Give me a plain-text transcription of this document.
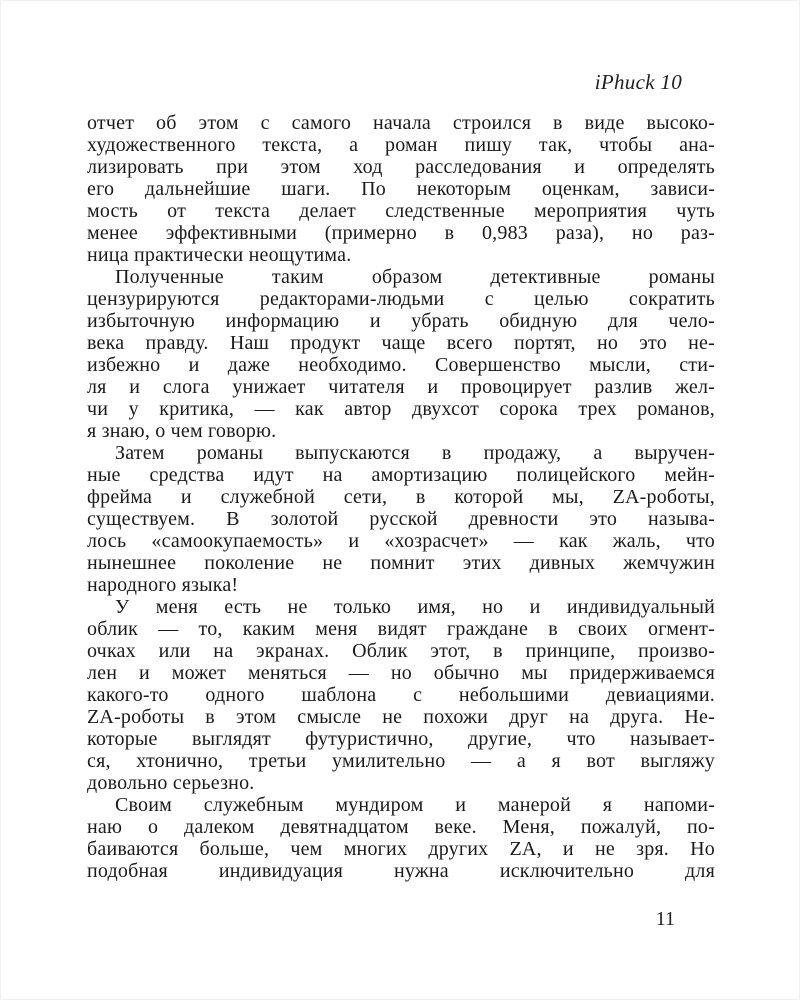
iPhuck 10
отчет об этом с самого начала строился в виде высоко-
художественного текста, а роман пишу так, чтобы ана-
лизировать при этом ход расследования и определять
его дальнейшие шаги. По некоторым оценкам, зависи-
мость от текста делает следственные мероприятия чуть
менее эффективными (примерно в 0,983 раза), но раз-
ница практически неощутима.
Полученные таким образом детективные романы
цензурируются редакторами-людьми с целью сократить
избыточную информацию и убрать обидную для чело-
века правду. Наш продукт чаще всего портят, но это не-
избежно и даже необходимо. Совершенство мысли, сти-
ля и слога унижает читателя и провоцирует разлив жел-
чи у критика, — как автор двухсот сорока трех романов,
я знаю, о чем говорю.
Затем романы выпускаются в продажу, а выручен-
ные средства идут на амортизацию полицейского мейн-
фрейма и служебной сети, в которой мы, ZA-роботы,
существуем. В золотой русской древности это называ-
лось «самоокупаемость» и «хозрасчет» — как жаль, что
нынешнее поколение не помнит этих дивных жемчужин
народного языка!
У меня есть не только имя, но и индивидуальный
облик — то, каким меня видят граждане в своих огмент-
очках или на экранах. Облик этот, в принципе, произво-
лен и может меняться — но обычно мы придерживаемся
какого-то одного шаблона с небольшими девиациями.
ZA-роботы в этом смысле не похожи друг на друга. Не-
которые выглядят футуристично, другие, что называет-
ся, хтонично, третьи умилительно — а я вот выгляжу
довольно серьезно.
Своим служебным мундиром и манерой я напоми-
наю о далеком девятнадцатом веке. Меня, пожалуй, по-
баиваются больше, чем многих других ZA, и не зря. Но
подобная индивидуация нужна исключительно для
11
